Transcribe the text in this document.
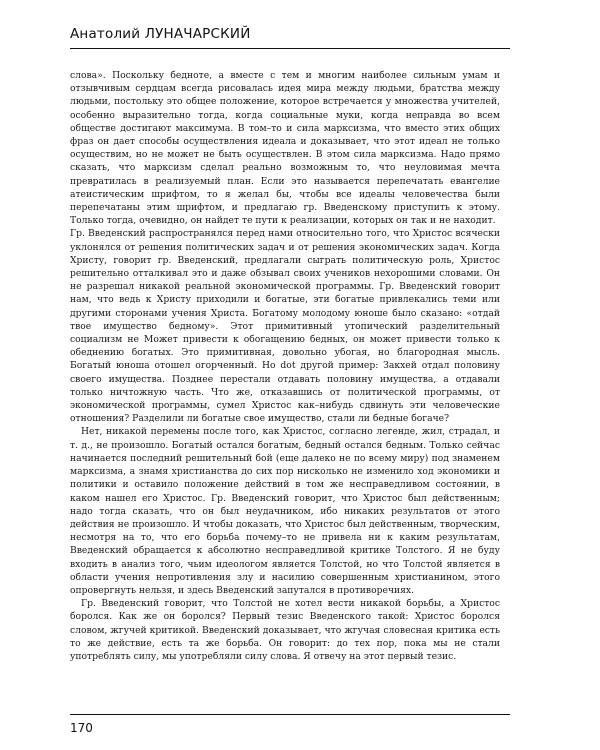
Анатолий ЛУНАЧАРСКИЙ

слова». Поскольку бедноте, а вместе с тем и многим наиболее сильным умам и отзывчивым сердцам всегда рисовалась идея мира между людьми, братства между людьми, постольку это общее положение, которое встречается у множества учителей, особенно выразительно тогда, когда социальные муки, когда неправда во всем обществе достигают максимума. В том–то и сила марксизма, что вместо этих общих фраз он дает способы осуществления идеала и доказывает, что этот идеал не только осуществим, но не может не быть осуществлен. В этом сила марксизма. Надо прямо сказать, что марксизм сделал реально возможным то, что неуловимая мечта превратилась в реализуемый план. Если это называется перепечатать евангелие атеистическим шрифтом, то я желал бы, чтобы все идеалы человечества были перепечатаны этим шрифтом, и предлагаю гр. Введенскому приступить к этому. Только тогда, очевидно, он найдет те пути к реализации, которых он так и не находит.

Гр. Введенский распространялся перед нами относительно того, что Христос всячески уклонялся от решения политических задач и от решения экономических задач. Когда Христу, говорит гр. Введенский, предлагали сыграть политическую роль, Христос решительно отталкивал это и даже обзывал своих учеников нехорошими словами. Он не разрешал никакой реальной экономической программы. Гр. Введенский говорит нам, что ведь к Христу приходили и богатые, эти богатые привлекались теми или другими сторонами учения Христа. Богатому молодому юноше было сказано: «отдай твое имущество бедному». Этот примитивный утопический разделительный социализм не Может привести к обогащению бедных, он может привести только к обеднению богатых. Это примитивная, довольно убогая, но благородная мысль. Богатый юноша отошел огорченный. Но dot другой пример: Закхей отдал половину своего имущества. Позднее перестали отдавать половину имущества, а отдавали только ничтожную часть. Что же, отказавшись от политической программы, от экономической программы, сумел Христос как–нибудь сдвинуть эти человеческие отношения? Разделили ли богатые свое имущество, стали ли бедные богаче?

Нет, никакой перемены после того, как Христос, согласно легенде, жил, страдал, и т. д., не произошло. Богатый остался богатым, бедный остался бедным. Только сейчас начинается последний решительный бой (еще далеко не по всему миру) под знаменем марксизма, а знамя христианства до сих пор нисколько не изменило ход экономики и политики и оставило положение действий в том же несправедливом состоянии, в каком нашел его Христос. Гр. Введенский говорит, что Христос был действенным; надо тогда сказать, что он был неудачником, ибо никаких результатов от этого действия не произошло. И чтобы доказать, что Христос был действенным, творческим, несмотря на то, что его борьба почему–то не привела ни к каким результатам, Введенский обращается к абсолютно несправедливой критике Толстого. Я не буду входить в анализ того, чьим идеологом является Толстой, но что Толстой является в области учения непротивления злу и насилию совершенным христианином, этого опровергнуть нельзя, и здесь Введенский запутался в противоречиях.

Гр. Введенский говорит, что Толстой не хотел вести никакой борьбы, а Христос боролся. Как же он боролся? Первый тезис Введенского такой: Христос боролся словом, жгучей критикой. Введенский доказывает, что жгучая словесная критика есть то же действие, есть та же борьба. Он говорит: до тех пор, пока мы не стали употреблять силу, мы употребляли силу слова. Я отвечу на этот первый тезис.

170
